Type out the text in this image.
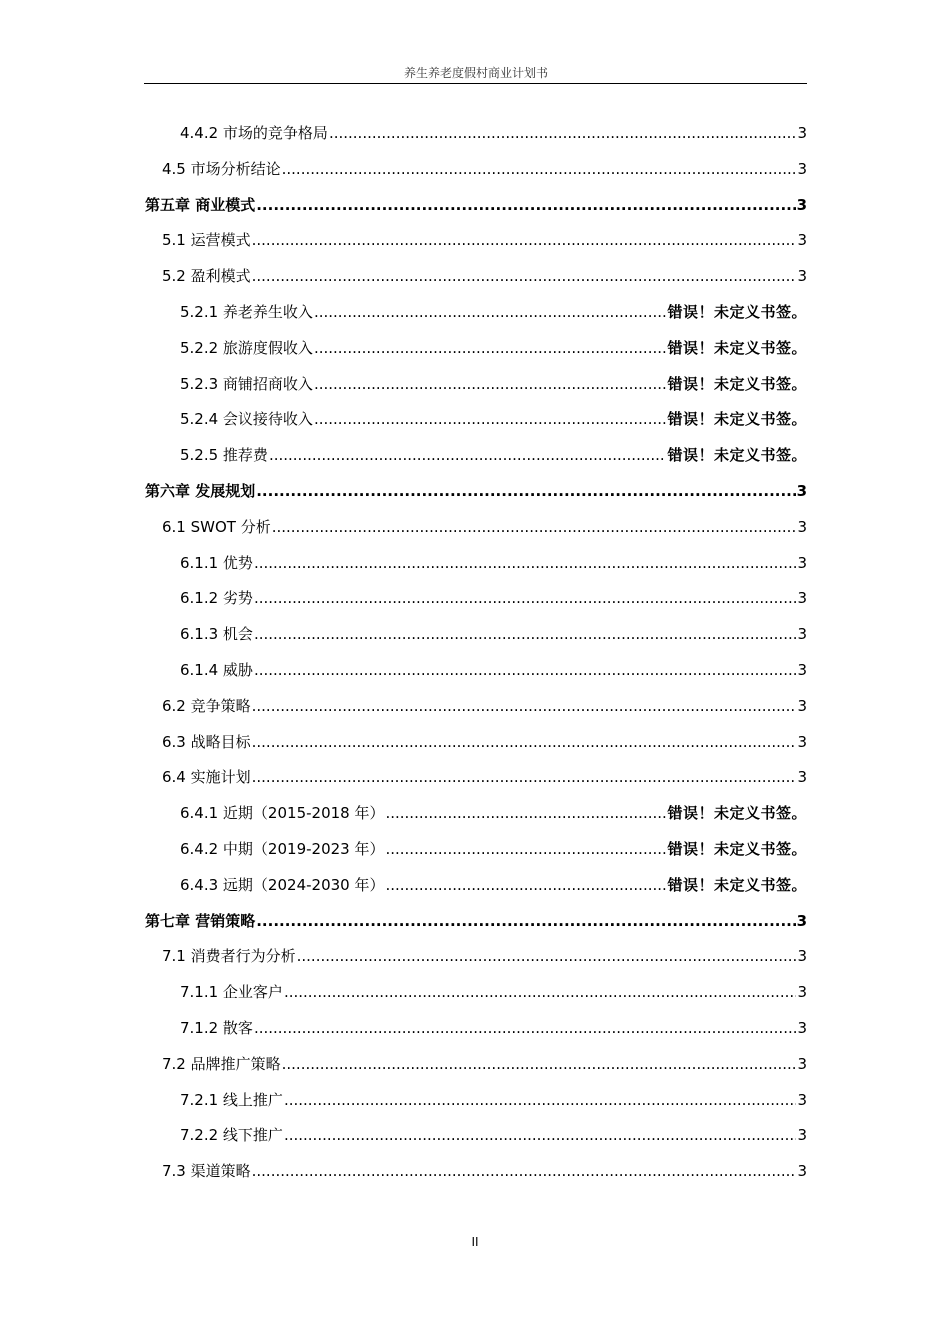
养生养老度假村商业计划书
4.4.2 市场的竞争格局 .....	3
4.5 市场分析结论 .....	3
第五章 商业模式 .....	3
5.1 运营模式 .....	3
5.2 盈利模式 .....	3
5.2.1 养老养生收入 .....	错误！未定义书签。
5.2.2 旅游度假收入 .....	错误！未定义书签。
5.2.3 商铺招商收入 .....	错误！未定义书签。
5.2.4 会议接待收入 .....	错误！未定义书签。
5.2.5 推荐费 .....	错误！未定义书签。
第六章 发展规划 .....	3
6.1 SWOT 分析 .....	3
6.1.1 优势 .....	3
6.1.2 劣势 .....	3
6.1.3 机会 .....	3
6.1.4 威胁 .....	3
6.2 竞争策略 .....	3
6.3 战略目标 .....	3
6.4 实施计划 .....	3
6.4.1 近期（2015-2018 年） .....	错误！未定义书签。
6.4.2 中期（2019-2023 年） .....	错误！未定义书签。
6.4.3 远期（2024-2030 年） .....	错误！未定义书签。
第七章 营销策略 .....	3
7.1 消费者行为分析 .....	3
7.1.1 企业客户 .....	3
7.1.2 散客 .....	3
7.2 品牌推广策略 .....	3
7.2.1 线上推广 .....	3
7.2.2 线下推广 .....	3
7.3 渠道策略 .....	3
II
